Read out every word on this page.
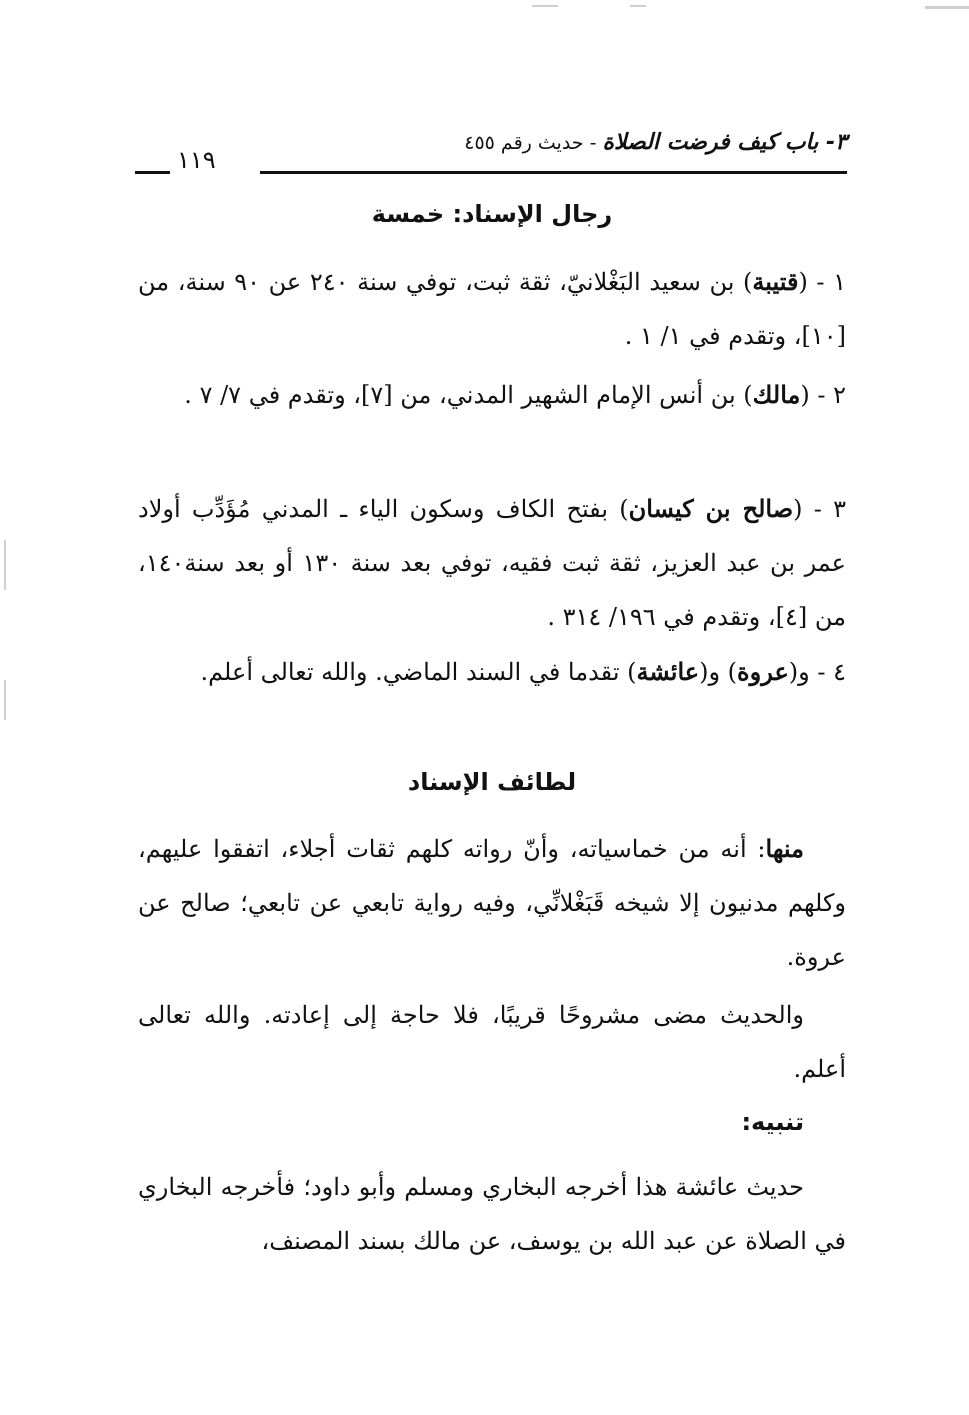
٣- باب كيف فرضت الصلاة - حديث رقم ٤٥٥
١١٩
رجال الإسناد: خمسة
١ - (قتيبة) بن سعيد البَغْلانيّ، ثقة ثبت، توفي سنة ٢٤٠ عن ٩٠ سنة، من [١٠]، وتقدم في ١/ ١ .
٢ - (مالك) بن أنس الإمام الشهير المدني، من [٧]، وتقدم في ٧/ ٧ .
٣ - (صالح بن كيسان) بفتح الكاف وسكون الياء ـ المدني مُؤَدِّب أولاد عمر بن عبد العزيز، ثقة ثبت فقيه، توفي بعد سنة ١٣٠ أو بعد سنة١٤٠، من [٤]، وتقدم في ١٩٦/ ٣١٤ .
٤ - و(عروة) و(عائشة) تقدما في السند الماضي. والله تعالى أعلم.
لطائف الإسناد
منها: أنه من خماسياته، وأنّ رواته كلهم ثقات أجلاء، اتفقوا عليهم، وكلهم مدنيون إلا شيخه قَبَغْلانِّي، وفيه رواية تابعي عن تابعي؛ صالح عن عروة.
والحديث مضى مشروحًا قريبًا، فلا حاجة إلى إعادته. والله تعالى أعلم.
تنبيه:
حديث عائشة هذا أخرجه البخاري ومسلم وأبو داود؛ فأخرجه البخاري في الصلاة عن عبد الله بن يوسف، عن مالك بسند المصنف،
